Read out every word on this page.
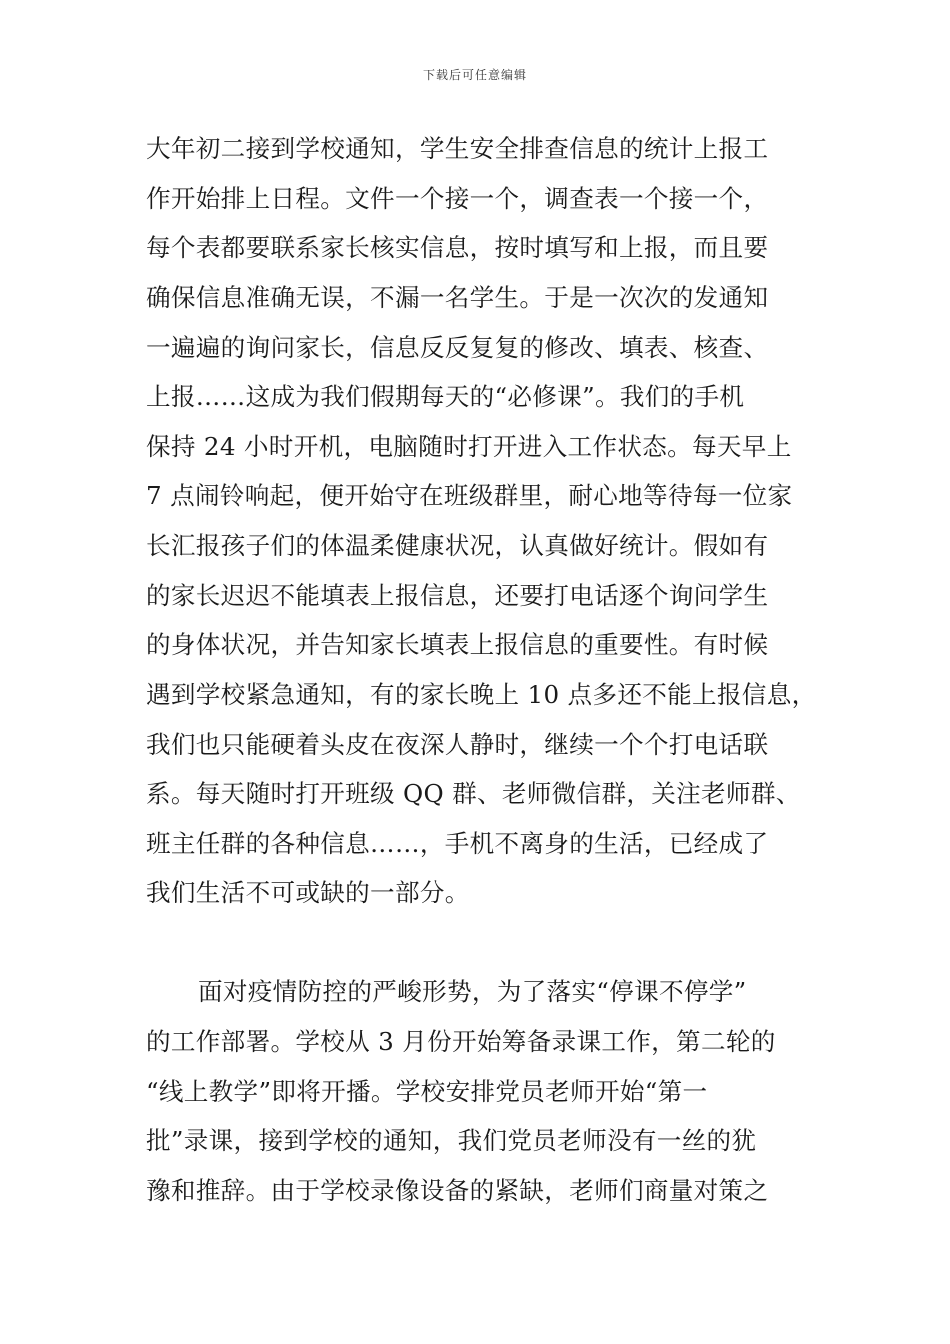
下载后可任意编辑
大年初二接到学校通知，学生安全排查信息的统计上报工
作开始排上日程。文件一个接一个，调查表一个接一个，
每个表都要联系家长核实信息，按时填写和上报，而且要
确保信息准确无误，不漏一名学生。于是一次次的发通知
一遍遍的询问家长，信息反反复复的修改、填表、核查、
上报……这成为我们假期每天的“必修课”。我们的手机
保持 24 小时开机，电脑随时打开进入工作状态。每天早上
7 点闹铃响起，便开始守在班级群里，耐心地等待每一位家
长汇报孩子们的体温柔健康状况，认真做好统计。假如有
的家长迟迟不能填表上报信息，还要打电话逐个询问学生
的身体状况，并告知家长填表上报信息的重要性。有时候
遇到学校紧急通知，有的家长晚上 10 点多还不能上报信息，
我们也只能硬着头皮在夜深人静时，继续一个个打电话联
系。每天随时打开班级 QQ 群、老师微信群，关注老师群、
班主任群的各种信息……，手机不离身的生活，已经成了
我们生活不可或缺的一部分。
面对疫情防控的严峻形势，为了落实“停课不停学”
的工作部署。学校从 3 月份开始筹备录课工作，第二轮的
“线上教学”即将开播。学校安排党员老师开始“第一
批”录课，接到学校的通知，我们党员老师没有一丝的犹
豫和推辞。由于学校录像设备的紧缺，老师们商量对策之
